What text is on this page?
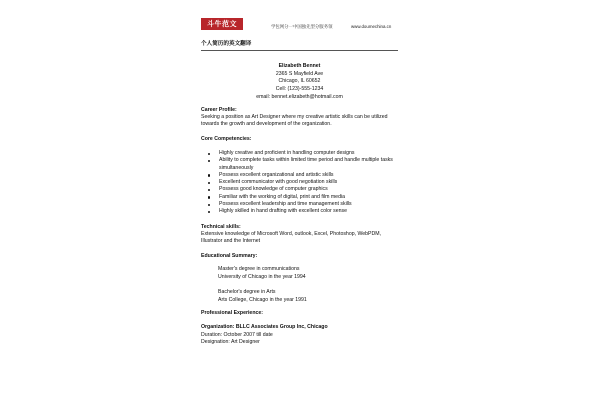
斗牛范文	学包网分一中国独先型分服务领	www.doumechina.cn
个人简历的英文翻译
Elizabeth Bennet
2365 S Mayfield Ave
Chicago, IL 60652
Cell: (123)-555-1234
email: bennet.elizabeth@hotmail.com
Career Profile:
Seeking a position as Art Designer where my creative artistic skills can be utilized
towards the growth and development of the organization.
Core Competencies:
Highly creative and proficient in handling computer designs
Ability to complete tasks within limited time period and handle multiple tasks
simultaneously
Possess excellent organizational and artistic skills
Excellent communicator with good negotiation skills
Possess good knowledge of computer graphics
Familiar with the working of digital, print and film media
Possess excellent leadership and time management skills
Highly skilled in hand drafting with excellent color sense
Technical skills:
Extensive knowledge of Microsoft Word, outlook, Excel, Photoshop, WebPDM,
Illustrator and the Internet
Educational Summary:
Master's degree in communications
University of Chicago in the year 1994
Bachelor's degree in Arts
Arts College, Chicago in the year 1991
Professional Experience:
Organization: BLLC Associates Group Inc, Chicago
Duration: October 2007 till date
Designation: Art Designer
